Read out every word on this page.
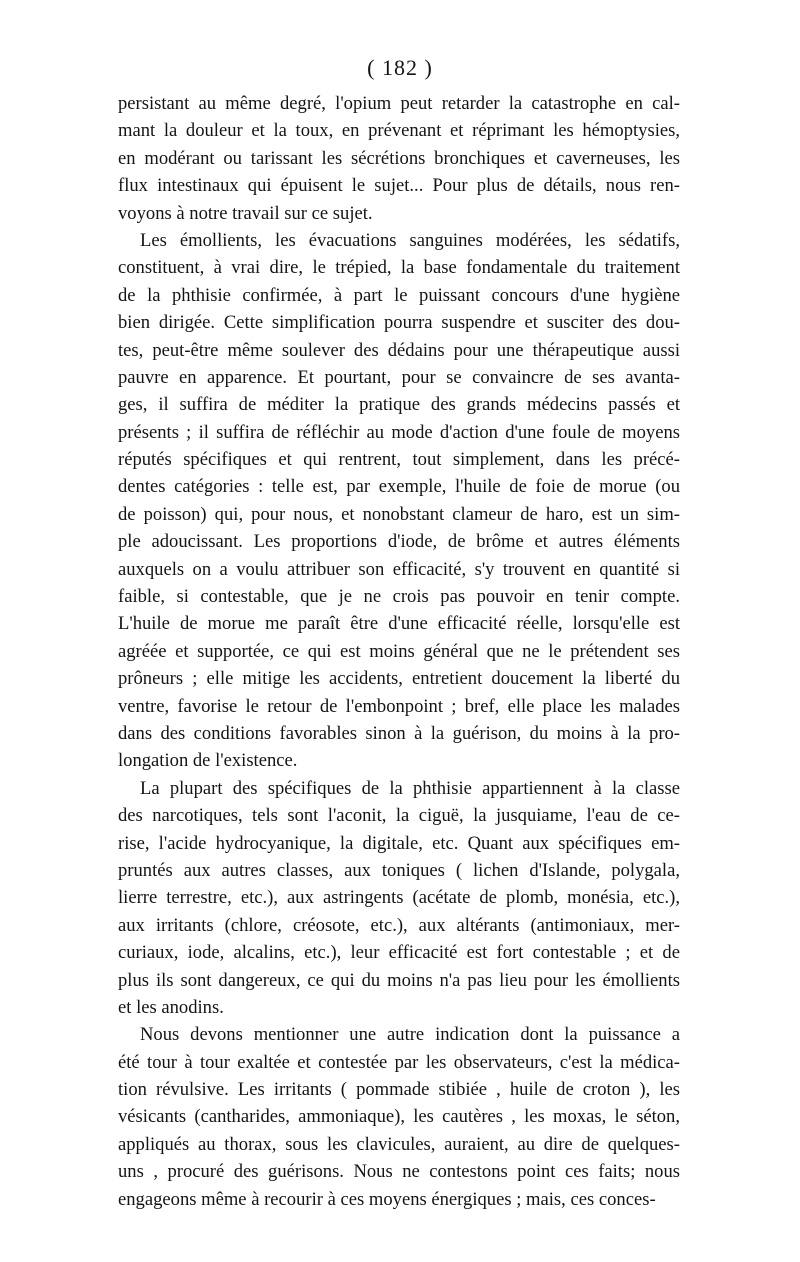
( 182 )
persistant au même degré, l'opium peut retarder la catastrophe en cal-
mant la douleur et la toux, en prévenant et réprimant les hémoptysies,
en modérant ou tarissant les sécrétions bronchiques et caverneuses, les
flux intestinaux qui épuisent le sujet... Pour plus de détails, nous ren-
voyons à notre travail sur ce sujet.
Les émollients, les évacuations sanguines modérées, les sédatifs,
constituent, à vrai dire, le trépied, la base fondamentale du traitement
de la phthisie confirmée, à part le puissant concours d'une hygiène
bien dirigée. Cette simplification pourra suspendre et susciter des dou-
tes, peut-être même soulever des dédains pour une thérapeutique aussi
pauvre en apparence. Et pourtant, pour se convaincre de ses avanta-
ges, il suffira de méditer la pratique des grands médecins passés et
présents ; il suffira de réfléchir au mode d'action d'une foule de moyens
réputés spécifiques et qui rentrent, tout simplement, dans les précé-
dentes catégories : telle est, par exemple, l'huile de foie de morue (ou
de poisson) qui, pour nous, et nonobstant clameur de haro, est un sim-
ple adoucissant. Les proportions d'iode, de brôme et autres éléments
auxquels on a voulu attribuer son efficacité, s'y trouvent en quantité si
faible, si contestable, que je ne crois pas pouvoir en tenir compte.
L'huile de morue me paraît être d'une efficacité réelle, lorsqu'elle est
agréée et supportée, ce qui est moins général que ne le prétendent ses
prôneurs ; elle mitige les accidents, entretient doucement la liberté du
ventre, favorise le retour de l'embonpoint ; bref, elle place les malades
dans des conditions favorables sinon à la guérison, du moins à la pro-
longation de l'existence.
La plupart des spécifiques de la phthisie appartiennent à la classe
des narcotiques, tels sont l'aconit, la ciguë, la jusquiame, l'eau de ce-
rise, l'acide hydrocyanique, la digitale, etc. Quant aux spécifiques em-
pruntés aux autres classes, aux toniques ( lichen d'Islande, polygala,
lierre terrestre, etc.), aux astringents (acétate de plomb, monésia, etc.),
aux irritants (chlore, créosote, etc.), aux altérants (antimoniaux, mer-
curiaux, iode, alcalins, etc.), leur efficacité est fort contestable ; et de
plus ils sont dangereux, ce qui du moins n'a pas lieu pour les émollients
et les anodins.
Nous devons mentionner une autre indication dont la puissance a
été tour à tour exaltée et contestée par les observateurs, c'est la médica-
tion révulsive. Les irritants ( pommade stibiée , huile de croton ), les
vésicants (cantharides, ammoniaque), les cautères , les moxas, le séton,
appliqués au thorax, sous les clavicules, auraient, au dire de quelques-
uns , procuré des guérisons. Nous ne contestons point ces faits; nous
engageons même à recourir à ces moyens énergiques ; mais, ces conces-
